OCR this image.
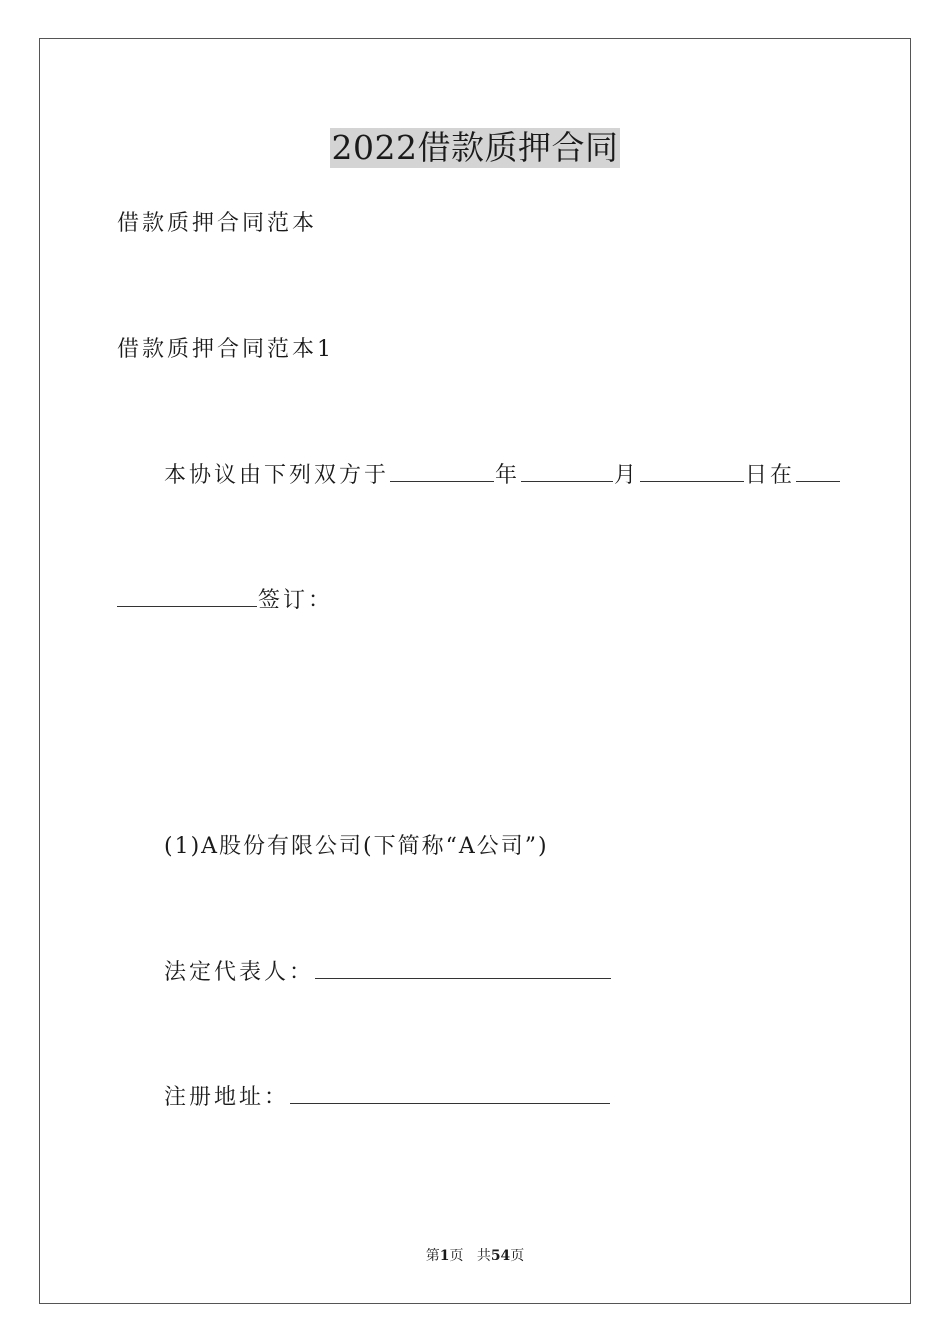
2022借款质押合同
借款质押合同范本
借款质押合同范本1
本协议由下列双方于	年	月	日在
签订：
(1)A股份有限公司(下简称“A公司”)
法定代表人：
注册地址：
第1页 共54页
